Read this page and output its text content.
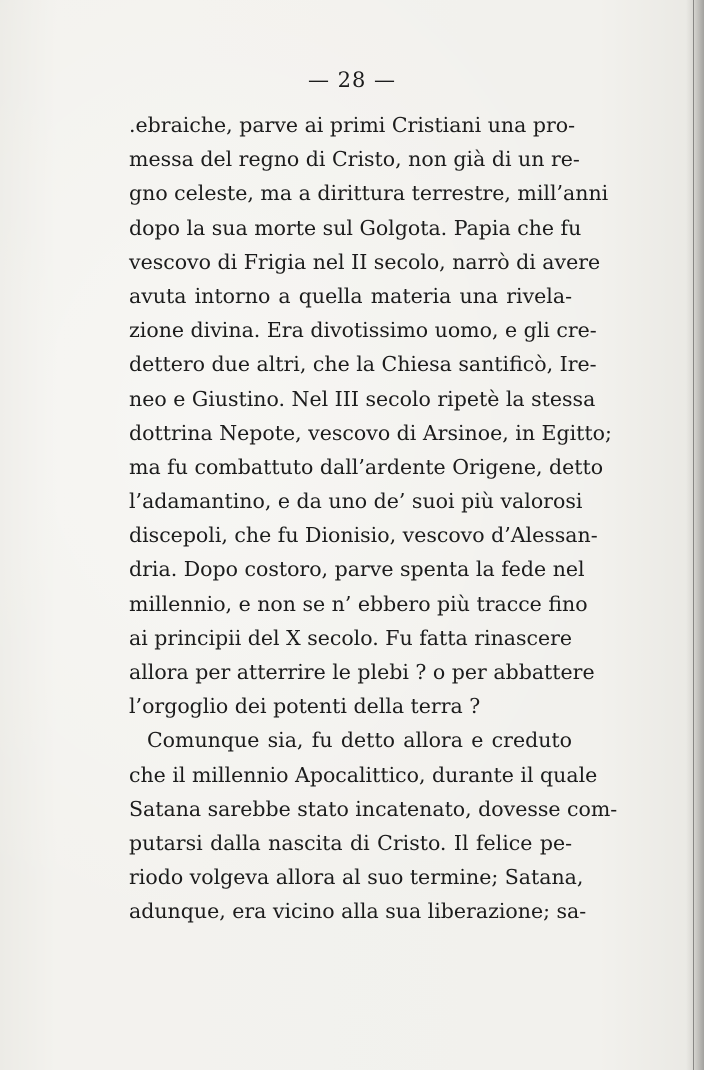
— 28 —
.ebraiche, parve ai primi Cristiani una pro-
messa del regno di Cristo, non già di un re-
gno celeste, ma a dirittura terrestre, mill’anni
dopo la sua morte sul Golgota. Papia che fu
vescovo di Frigia nel II secolo, narrò di avere
avuta intorno a quella materia una rivela-
zione divina. Era divotissimo uomo, e gli cre-
dettero due altri, che la Chiesa santificò, Ire-
neo e Giustino. Nel III secolo ripetè la stessa
dottrina Nepote, vescovo di Arsinoe, in Egitto;
ma fu combattuto dall’ardente Origene, detto
l’adamantino, e da uno de’ suoi più valorosi
discepoli, che fu Dionisio, vescovo d’Alessan-
dria. Dopo costoro, parve spenta la fede nel
millennio, e non se n’ ebbero più tracce fino
ai principii del X secolo. Fu fatta rinascere
allora per atterrire le plebi ? o per abbattere
l’orgoglio dei potenti della terra ?
Comunque sia, fu detto allora e creduto
che il millennio Apocalittico, durante il quale
Satana sarebbe stato incatenato, dovesse com-
putarsi dalla nascita di Cristo. Il felice pe-
riodo volgeva allora al suo termine; Satana,
adunque, era vicino alla sua liberazione; sa-
